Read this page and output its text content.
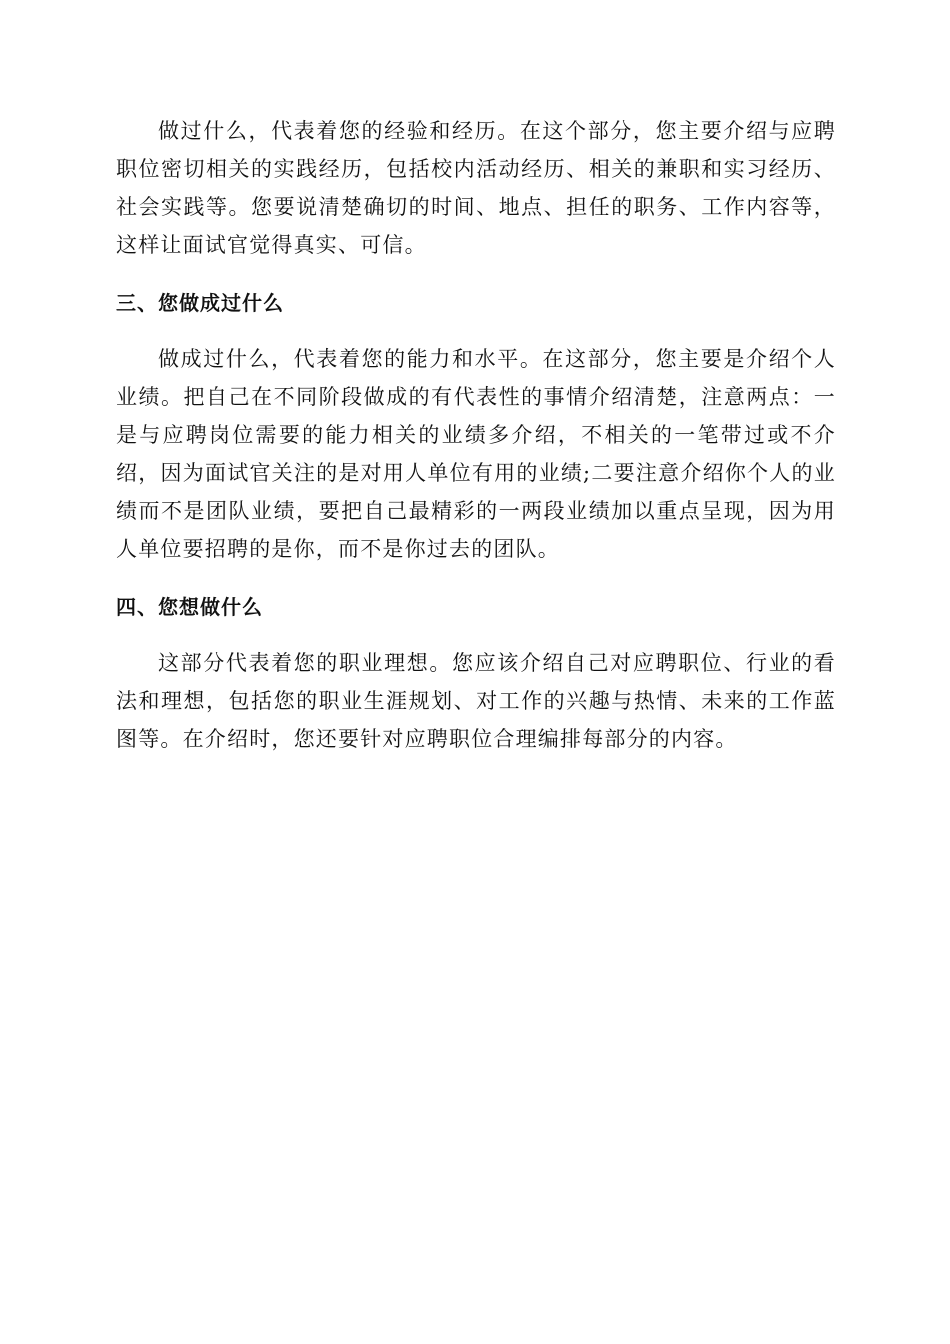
做过什么，代表着您的经验和经历。在这个部分，您主要介绍与应聘职位密切相关的实践经历，包括校内活动经历、相关的兼职和实习经历、社会实践等。您要说清楚确切的时间、地点、担任的职务、工作内容等，这样让面试官觉得真实、可信。

三、您做成过什么

做成过什么，代表着您的能力和水平。在这部分，您主要是介绍个人业绩。把自己在不同阶段做成的有代表性的事情介绍清楚，注意两点：一是与应聘岗位需要的能力相关的业绩多介绍，不相关的一笔带过或不介绍，因为面试官关注的是对用人单位有用的业绩;二要注意介绍你个人的业绩而不是团队业绩，要把自己最精彩的一两段业绩加以重点呈现，因为用人单位要招聘的是你，而不是你过去的团队。

四、您想做什么

这部分代表着您的职业理想。您应该介绍自己对应聘职位、行业的看法和理想，包括您的职业生涯规划、对工作的兴趣与热情、未来的工作蓝图等。在介绍时，您还要针对应聘职位合理编排每部分的内容。
